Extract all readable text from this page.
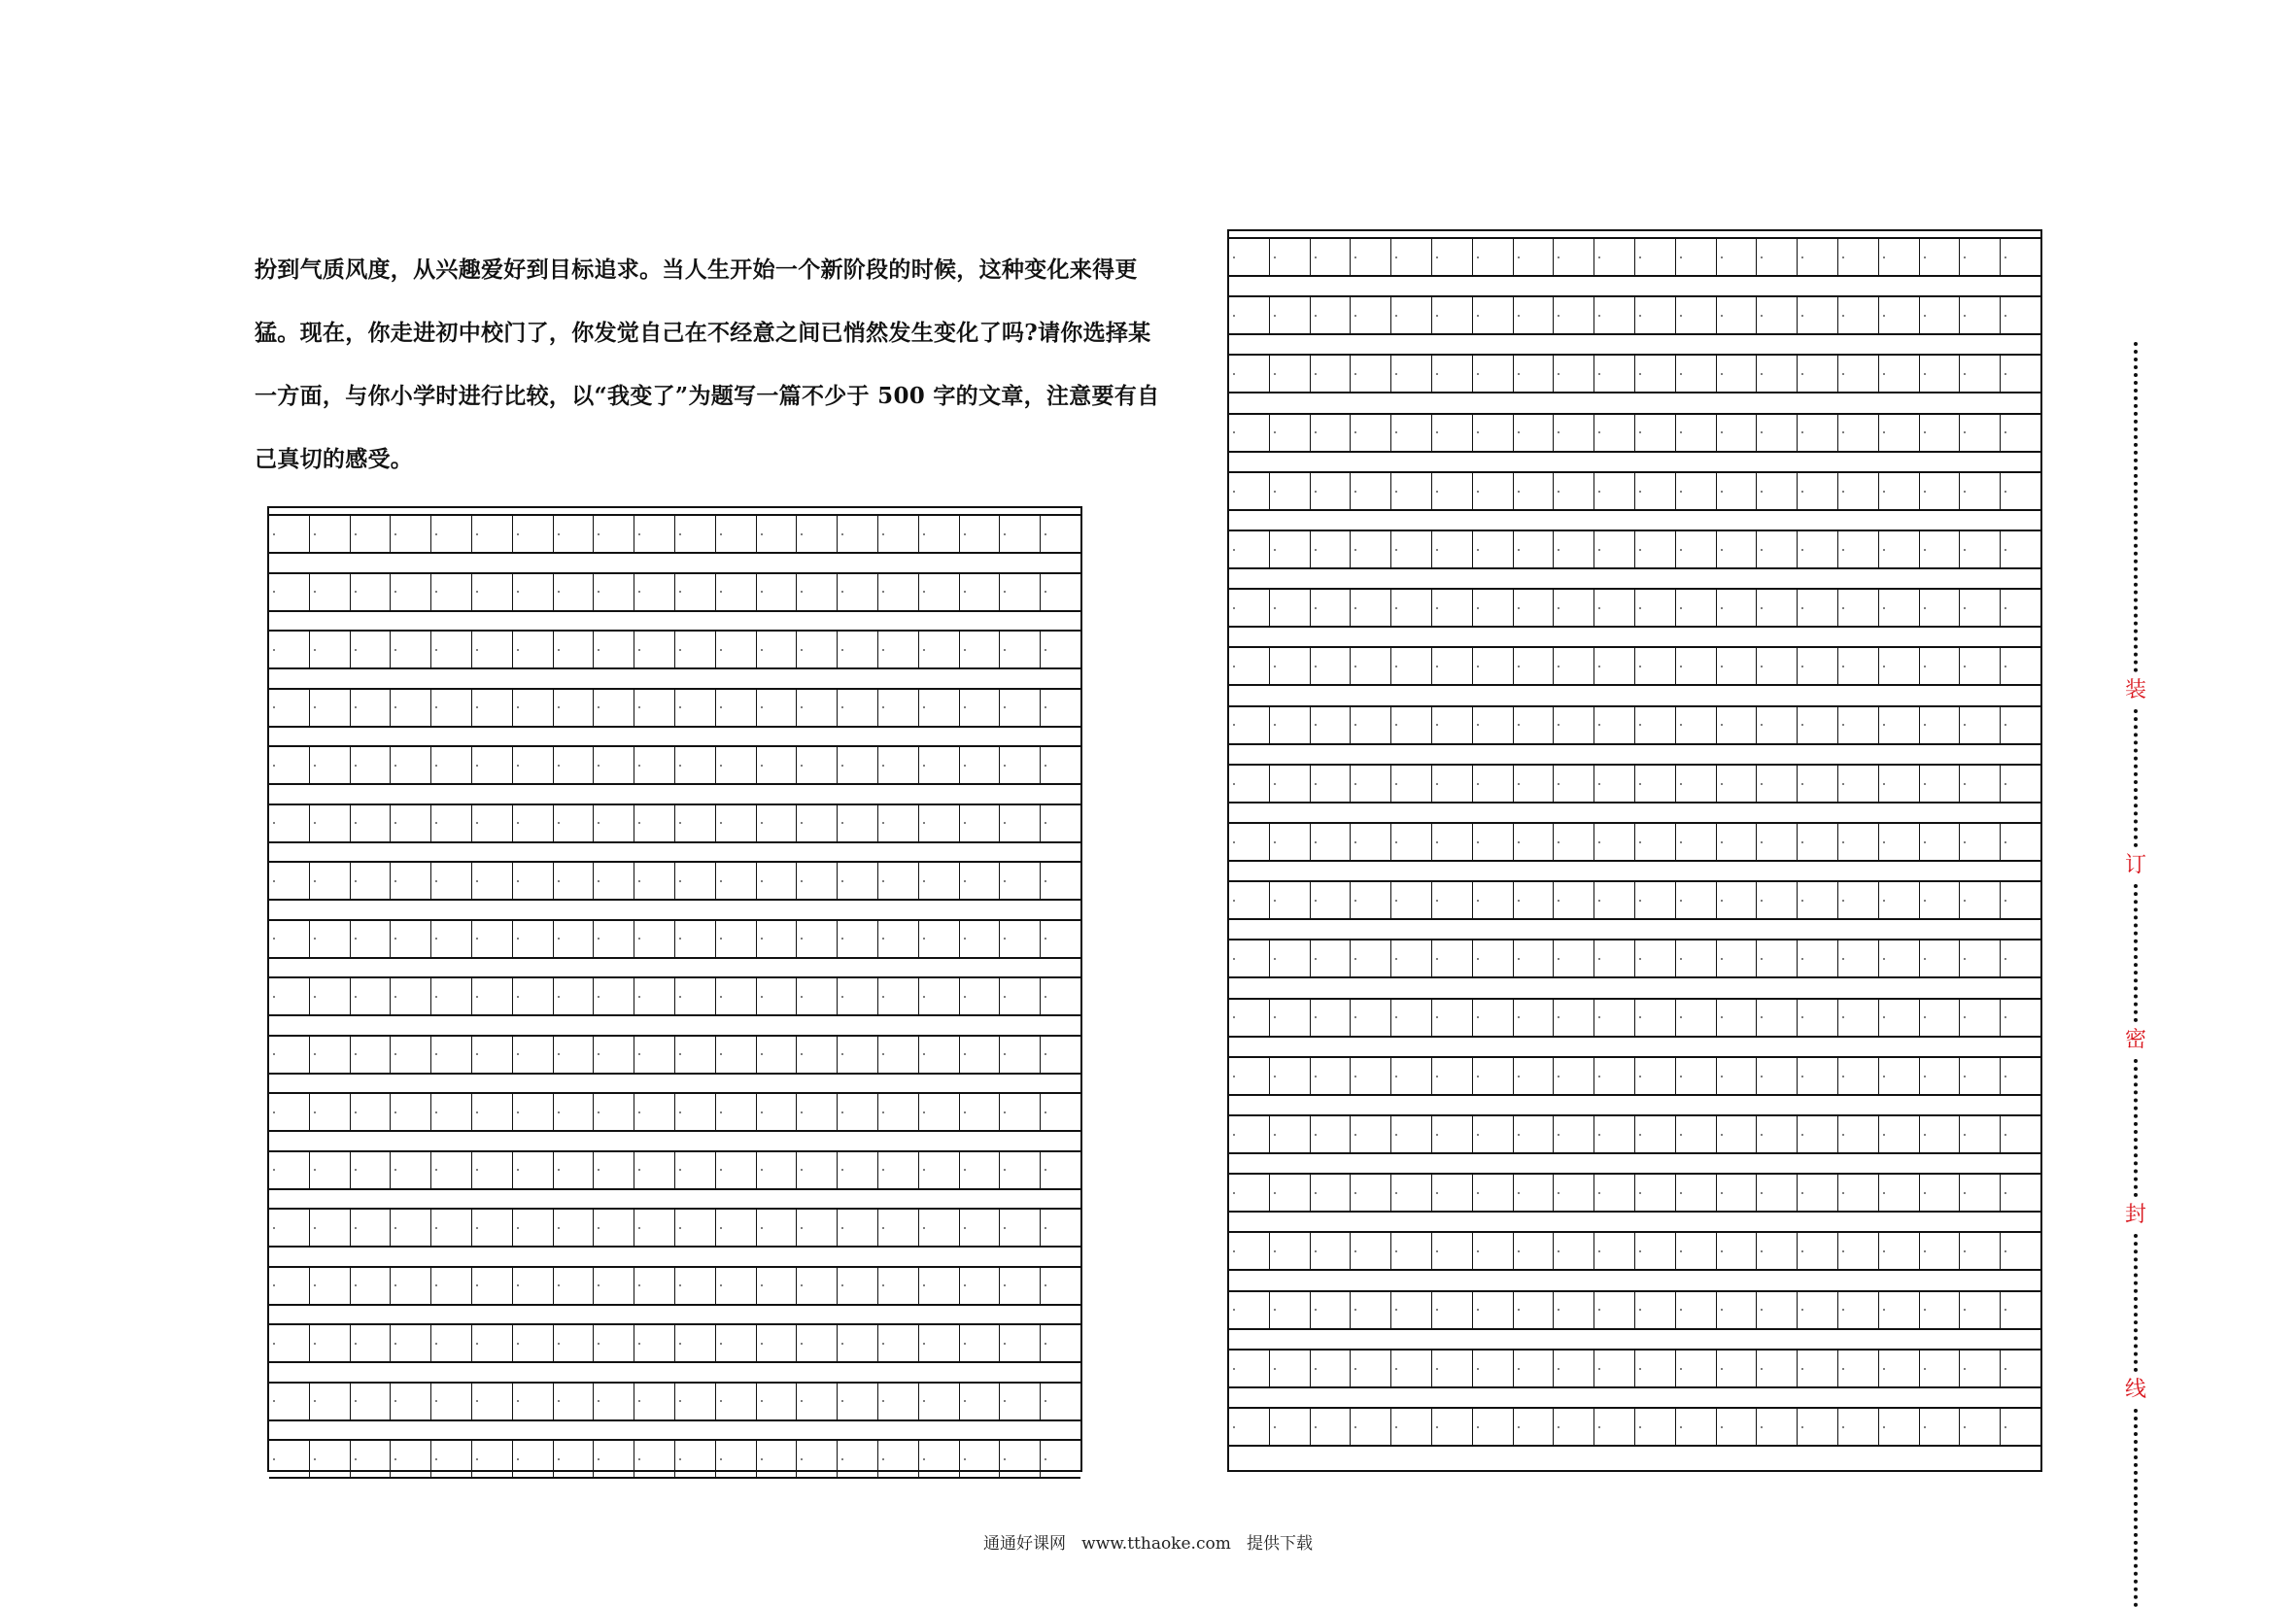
扮到气质风度，从兴趣爱好到目标追求。当人生开始一个新阶段的时候，这种变化来得更
猛。现在，你走进初中校门了，你发觉自己在不经意之间已悄然发生变化了吗?请你选择某
一方面，与你小学时进行比较，以“我变了”为题写一篇不少于 500 字的文章，注意要有自
己真切的感受。
通通好课网   www.tthaoke.com   提供下载
装
订
密
封
线
